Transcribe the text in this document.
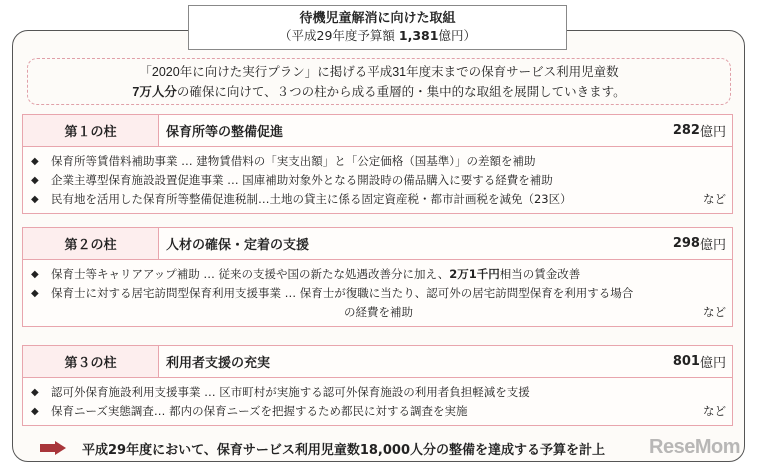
待機児童解消に向けた取組
（平成29年度予算額 1,381億円）
「2020年に向けた実行プラン」に掲げる平成31年度末までの保育サービス利用児童数
7万人分の確保に向けて、３つの柱から成る重層的・集中的な取組を展開していきます。
第１の柱	保育所等の整備促進	282 億円
◆	保育所等賃借料補助事業 … 建物賃借料の「実支出額」と「公定価格（国基準）」の差額を補助
◆	企業主導型保育施設設置促進事業 … 国庫補助対象外となる開設時の備品購入に要する経費を補助
◆	民有地を活用した保育所等整備促進税制…土地の貸主に係る固定資産税・都市計画税を減免（23区）	など
第２の柱	人材の確保・定着の支援	298 億円
◆	保育士等キャリアアップ補助 … 従来の支援や国の新たな処遇改善分に加え、2万1千円相当の賃金改善
◆	保育士に対する居宅訪問型保育利用支援事業 … 保育士が復職に当たり、認可外の居宅訪問型保育を利用する場合
の経費を補助	など
第３の柱	利用者支援の充実	801 億円
◆	認可外保育施設利用支援事業 … 区市町村が実施する認可外保育施設の利用者負担軽減を支援
◆	保育ニーズ実態調査… 都内の保育ニーズを把握するため都民に対する調査を実施	など
平成29年度において、保育サービス利用児童数18,000人分の整備を達成する予算を計上 ReseMom
